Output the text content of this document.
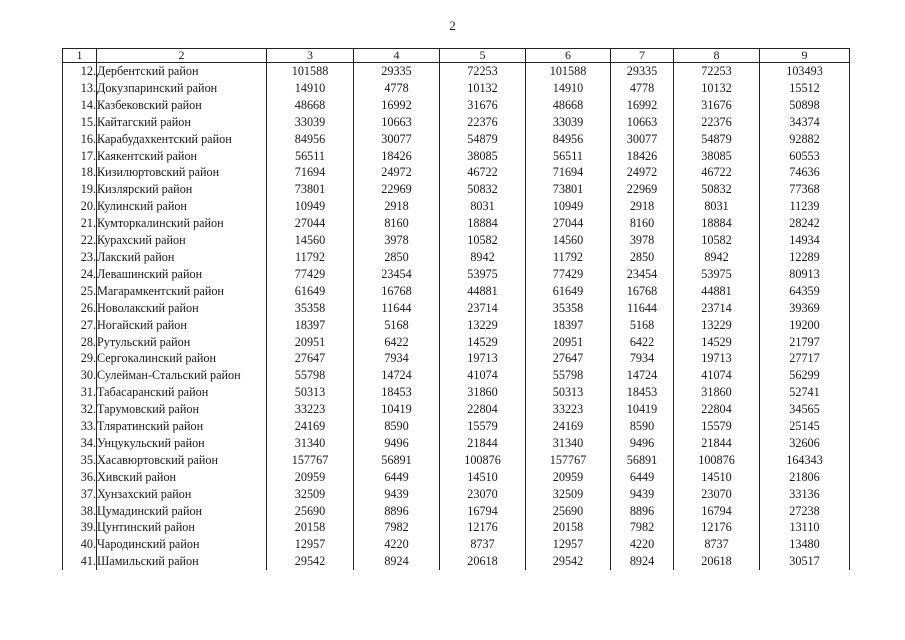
2
1	2	3	4	5	6	7	8	9
12.	Дербентский район	101588	29335	72253	101588	29335	72253	103493
13.	Докузпаринский район	14910	4778	10132	14910	4778	10132	15512
14.	Казбековский район	48668	16992	31676	48668	16992	31676	50898
15.	Кайтагский район	33039	10663	22376	33039	10663	22376	34374
16.	Карабудахкентский район	84956	30077	54879	84956	30077	54879	92882
17.	Каякентский район	56511	18426	38085	56511	18426	38085	60553
18.	Кизилюртовский район	71694	24972	46722	71694	24972	46722	74636
19.	Кизлярский район	73801	22969	50832	73801	22969	50832	77368
20.	Кулинский район	10949	2918	8031	10949	2918	8031	11239
21.	Кумторкалинский район	27044	8160	18884	27044	8160	18884	28242
22.	Курахский район	14560	3978	10582	14560	3978	10582	14934
23.	Лакский район	11792	2850	8942	11792	2850	8942	12289
24.	Левашинский район	77429	23454	53975	77429	23454	53975	80913
25.	Магарамкентский район	61649	16768	44881	61649	16768	44881	64359
26.	Новолакский район	35358	11644	23714	35358	11644	23714	39369
27.	Ногайский район	18397	5168	13229	18397	5168	13229	19200
28.	Рутульский район	20951	6422	14529	20951	6422	14529	21797
29.	Сергокалинский район	27647	7934	19713	27647	7934	19713	27717
30.	Сулейман-Стальский район	55798	14724	41074	55798	14724	41074	56299
31.	Табасаранский район	50313	18453	31860	50313	18453	31860	52741
32.	Тарумовский район	33223	10419	22804	33223	10419	22804	34565
33.	Тляратинский район	24169	8590	15579	24169	8590	15579	25145
34.	Унцукульский район	31340	9496	21844	31340	9496	21844	32606
35.	Хасавюртовский район	157767	56891	100876	157767	56891	100876	164343
36.	Хивский район	20959	6449	14510	20959	6449	14510	21806
37.	Хунзахский район	32509	9439	23070	32509	9439	23070	33136
38.	Цумадинский район	25690	8896	16794	25690	8896	16794	27238
39.	Цунтинский район	20158	7982	12176	20158	7982	12176	13110
40.	Чародинский район	12957	4220	8737	12957	4220	8737	13480
41.	Шамильский район	29542	8924	20618	29542	8924	20618	30517
